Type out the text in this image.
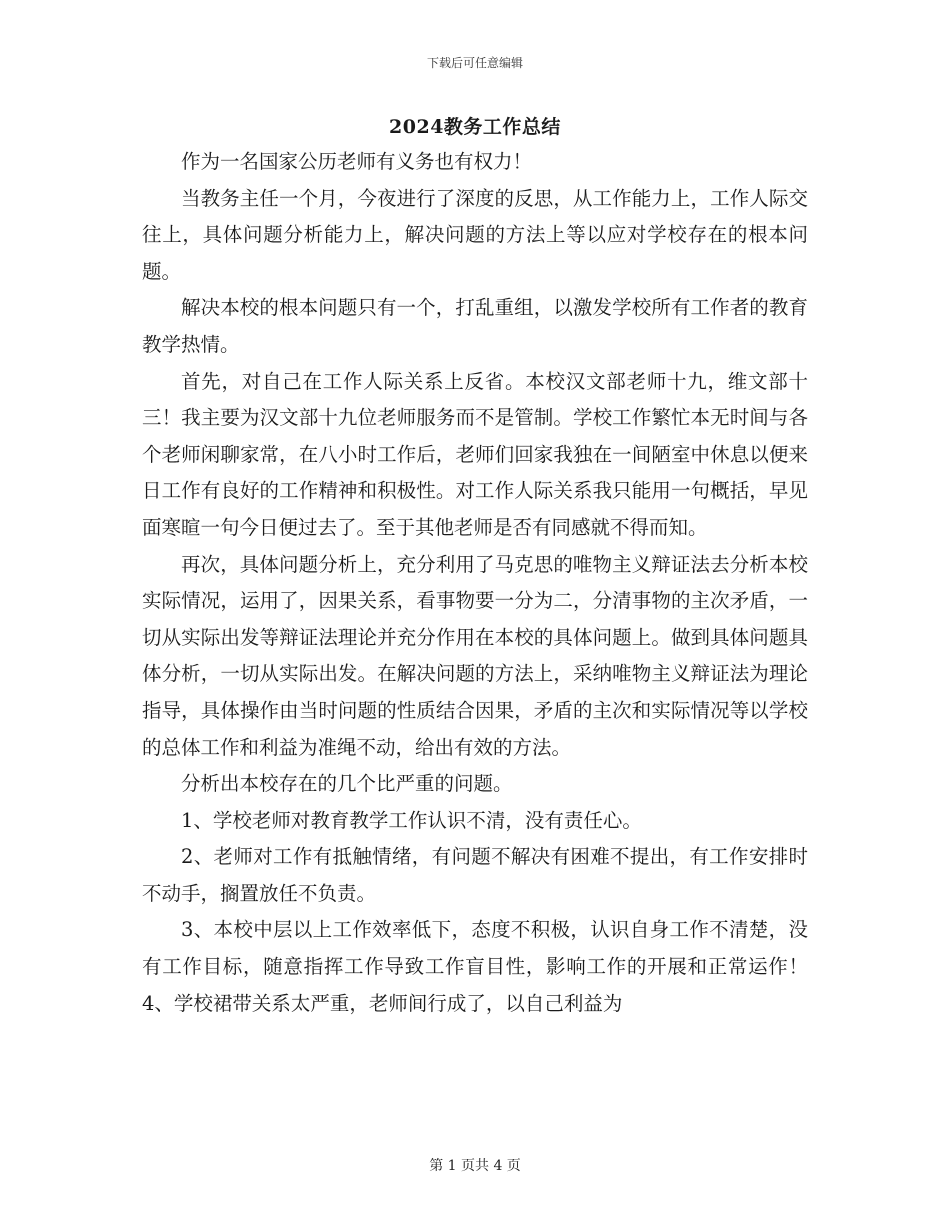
下载后可任意编辑
2024教务工作总结

作为一名国家公历老师有义务也有权力！

当教务主任一个月，今夜进行了深度的反思，从工作能力上，工作人际交往上，具体问题分析能力上，解决问题的方法上等以应对学校存在的根本问题。

解决本校的根本问题只有一个，打乱重组，以激发学校所有工作者的教育教学热情。

首先，对自己在工作人际关系上反省。本校汉文部老师十九，维文部十三！我主要为汉文部十九位老师服务而不是管制。学校工作繁忙本无时间与各个老师闲聊家常，在八小时工作后，老师们回家我独在一间陋室中休息以便来日工作有良好的工作精神和积极性。对工作人际关系我只能用一句概括，早见面寒暄一句今日便过去了。至于其他老师是否有同感就不得而知。

再次，具体问题分析上，充分利用了马克思的唯物主义辩证法去分析本校实际情况，运用了，因果关系，看事物要一分为二，分清事物的主次矛盾，一切从实际出发等辩证法理论并充分作用在本校的具体问题上。做到具体问题具体分析，一切从实际出发。在解决问题的方法上，采纳唯物主义辩证法为理论指导，具体操作由当时问题的性质结合因果，矛盾的主次和实际情况等以学校的总体工作和利益为准绳不动，给出有效的方法。

分析出本校存在的几个比严重的问题。

1、学校老师对教育教学工作认识不清，没有责任心。

2、老师对工作有抵触情绪，有问题不解决有困难不提出，有工作安排时不动手，搁置放任不负责。

3、本校中层以上工作效率低下，态度不积极，认识自身工作不清楚，没有工作目标，随意指挥工作导致工作盲目性，影响工作的开展和正常运作！4、学校裙带关系太严重，老师间行成了，以自己利益为

第 1 页共 4 页
